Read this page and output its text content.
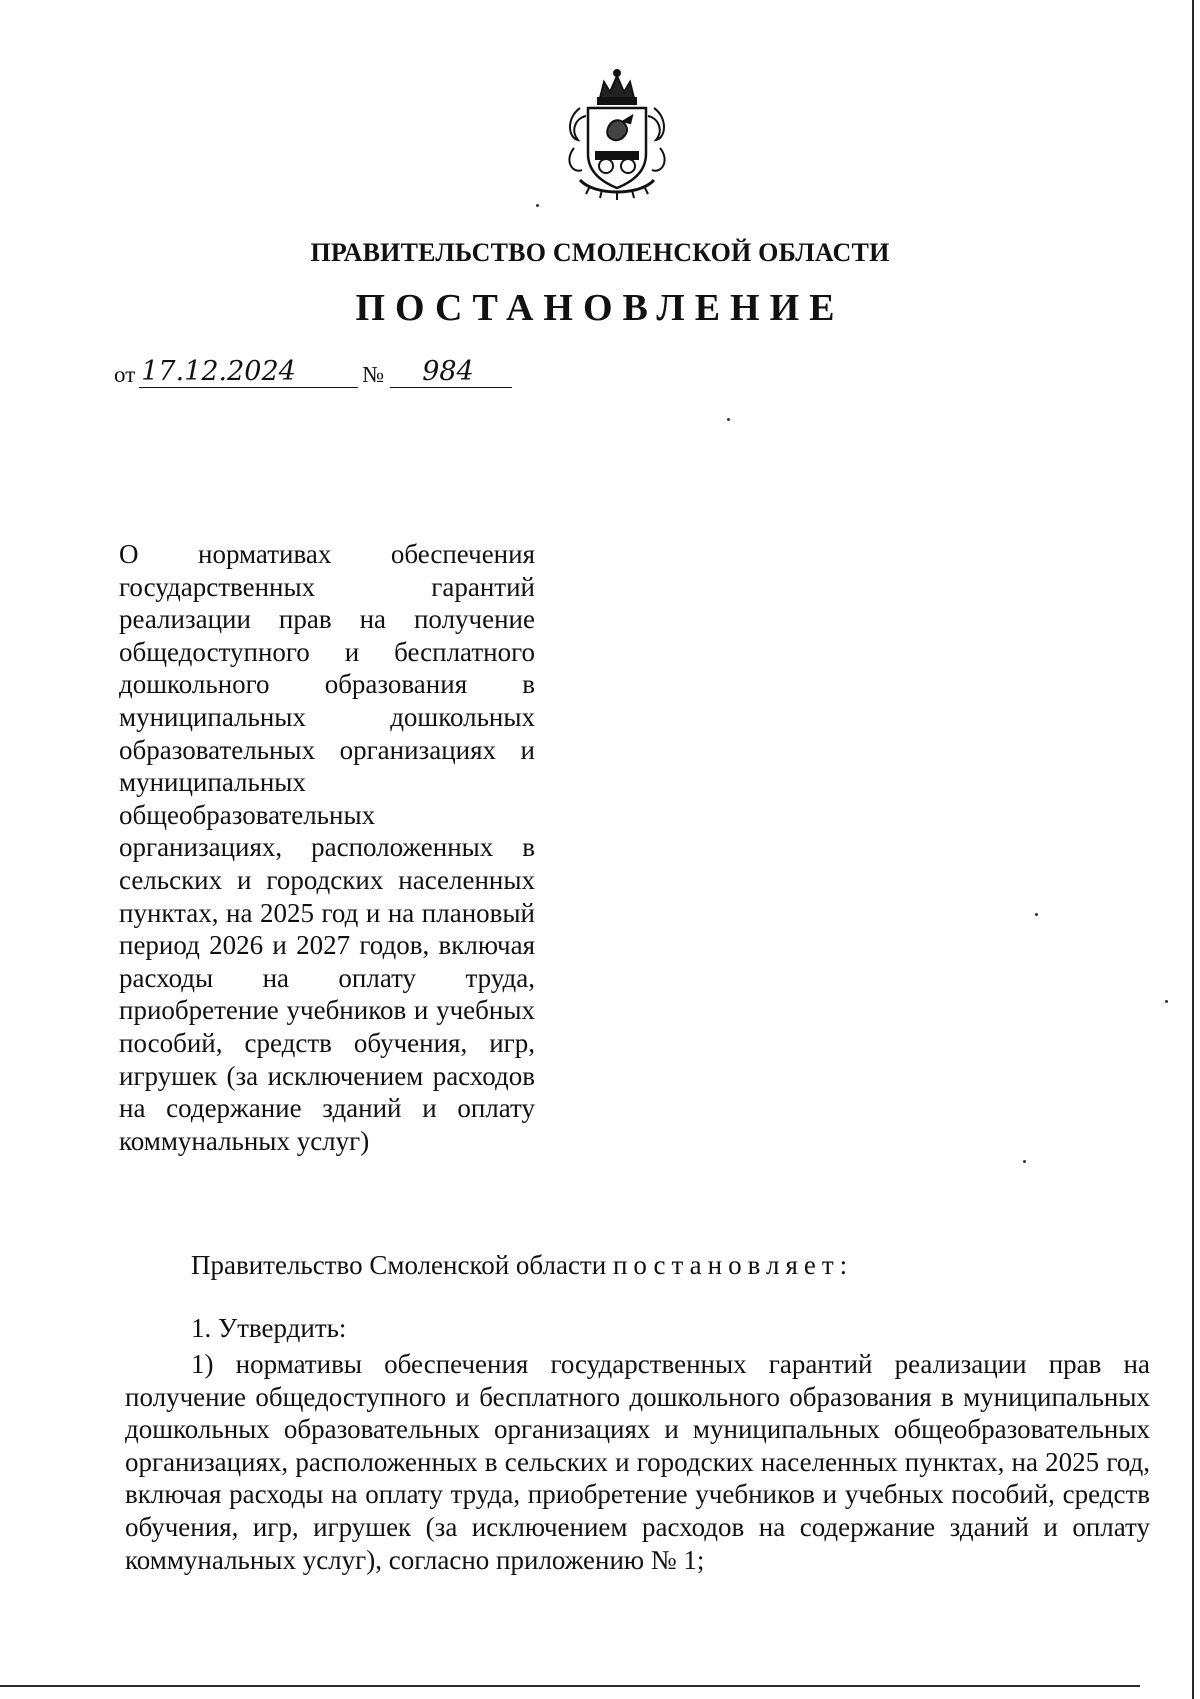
ПРАВИТЕЛЬСТВО СМОЛЕНСКОЙ ОБЛАСТИ
ПОСТАНОВЛЕНИЕ
от 17.12.2024	№	984
О нормативах обеспечения государственных гарантий реализации прав на получение общедоступного и бесплатного дошкольного образования в муниципальных дошкольных образовательных организациях и муниципальных общеобразовательных организациях, расположенных в сельских и городских населенных пунктах, на 2025 год и на плановый период 2026 и 2027 годов, включая расходы на оплату труда, приобретение учебников и учебных пособий, средств обучения, игр, игрушек (за исключением расходов на содержание зданий и оплату коммунальных услуг)
Правительство Смоленской области постановляет:
1. Утвердить:
1) нормативы обеспечения государственных гарантий реализации прав на получение общедоступного и бесплатного дошкольного образования в муниципальных дошкольных образовательных организациях и муниципальных общеобразовательных организациях, расположенных в сельских и городских населенных пунктах, на 2025 год, включая расходы на оплату труда, приобретение учебников и учебных пособий, средств обучения, игр, игрушек (за исключением расходов на содержание зданий и оплату коммунальных услуг), согласно приложению № 1;
